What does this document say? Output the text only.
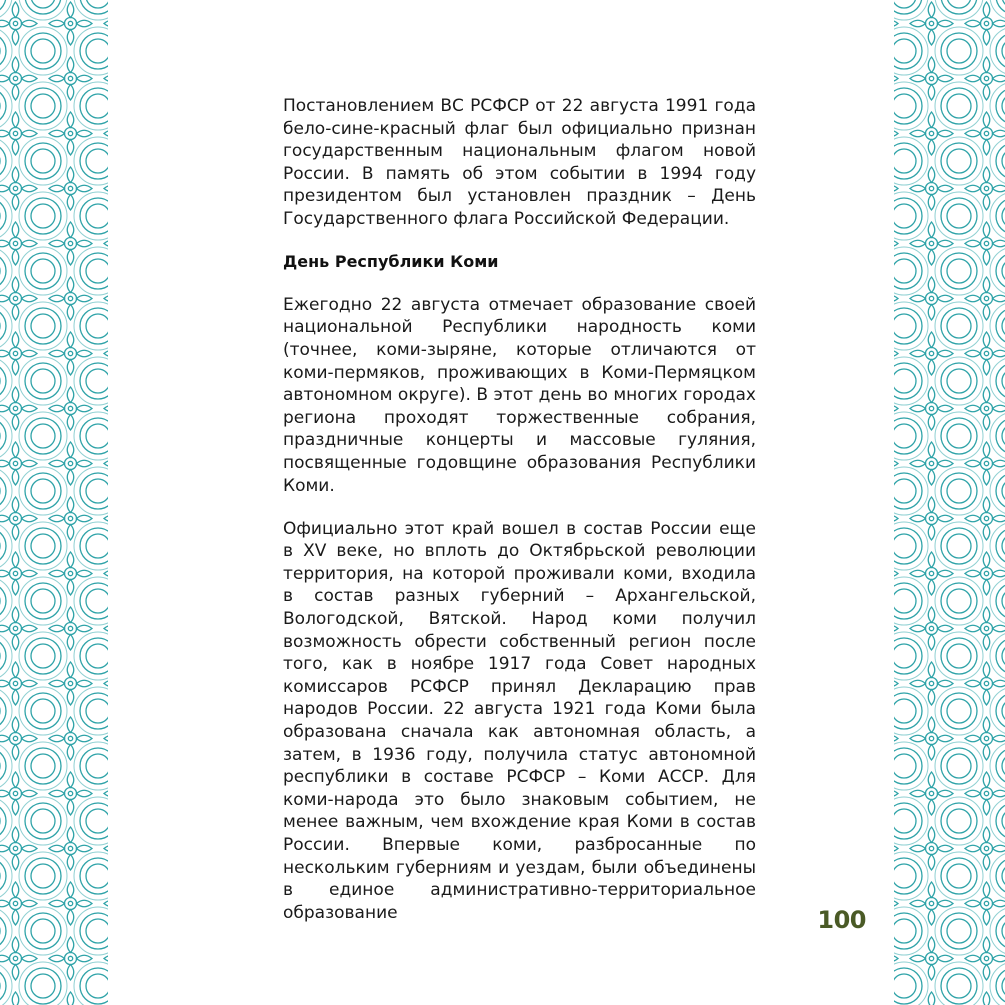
Постановлением ВС РСФСР от 22 августа 1991 года бело-сине-красный флаг был официально признан государственным национальным флагом новой России. В память об этом событии в 1994 году президентом был установлен праздник – День Государственного флага Российской Федерации.

День Республики Коми

Ежегодно 22 августа отмечает образование своей национальной Республики народность коми (точнее, коми-зыряне, которые отличаются от коми-пермяков, проживающих в Коми-Пермяцком автономном округе). В этот день во многих городах региона проходят торжественные собрания, праздничные концерты и массовые гуляния, посвященные годовщине образования Республики Коми.

Официально этот край вошел в состав России еще в XV веке, но вплоть до Октябрьской революции территория, на которой проживали коми, входила в состав разных губерний – Архангельской, Вологодской, Вятской. Народ коми получил возможность обрести собственный регион после того, как в ноябре 1917 года Совет народных комиссаров РСФСР принял Декларацию прав народов России. 22 августа 1921 года Коми была образована сначала как автономная область, а затем, в 1936 году, получила статус автономной республики в составе РСФСР – Коми АССР. Для коми-народа это было знаковым событием, не менее важным, чем вхождение края Коми в состав России. Впервые коми, разбросанные по нескольким губерниям и уездам, были объединены в единое административно-территориальное образование	100
